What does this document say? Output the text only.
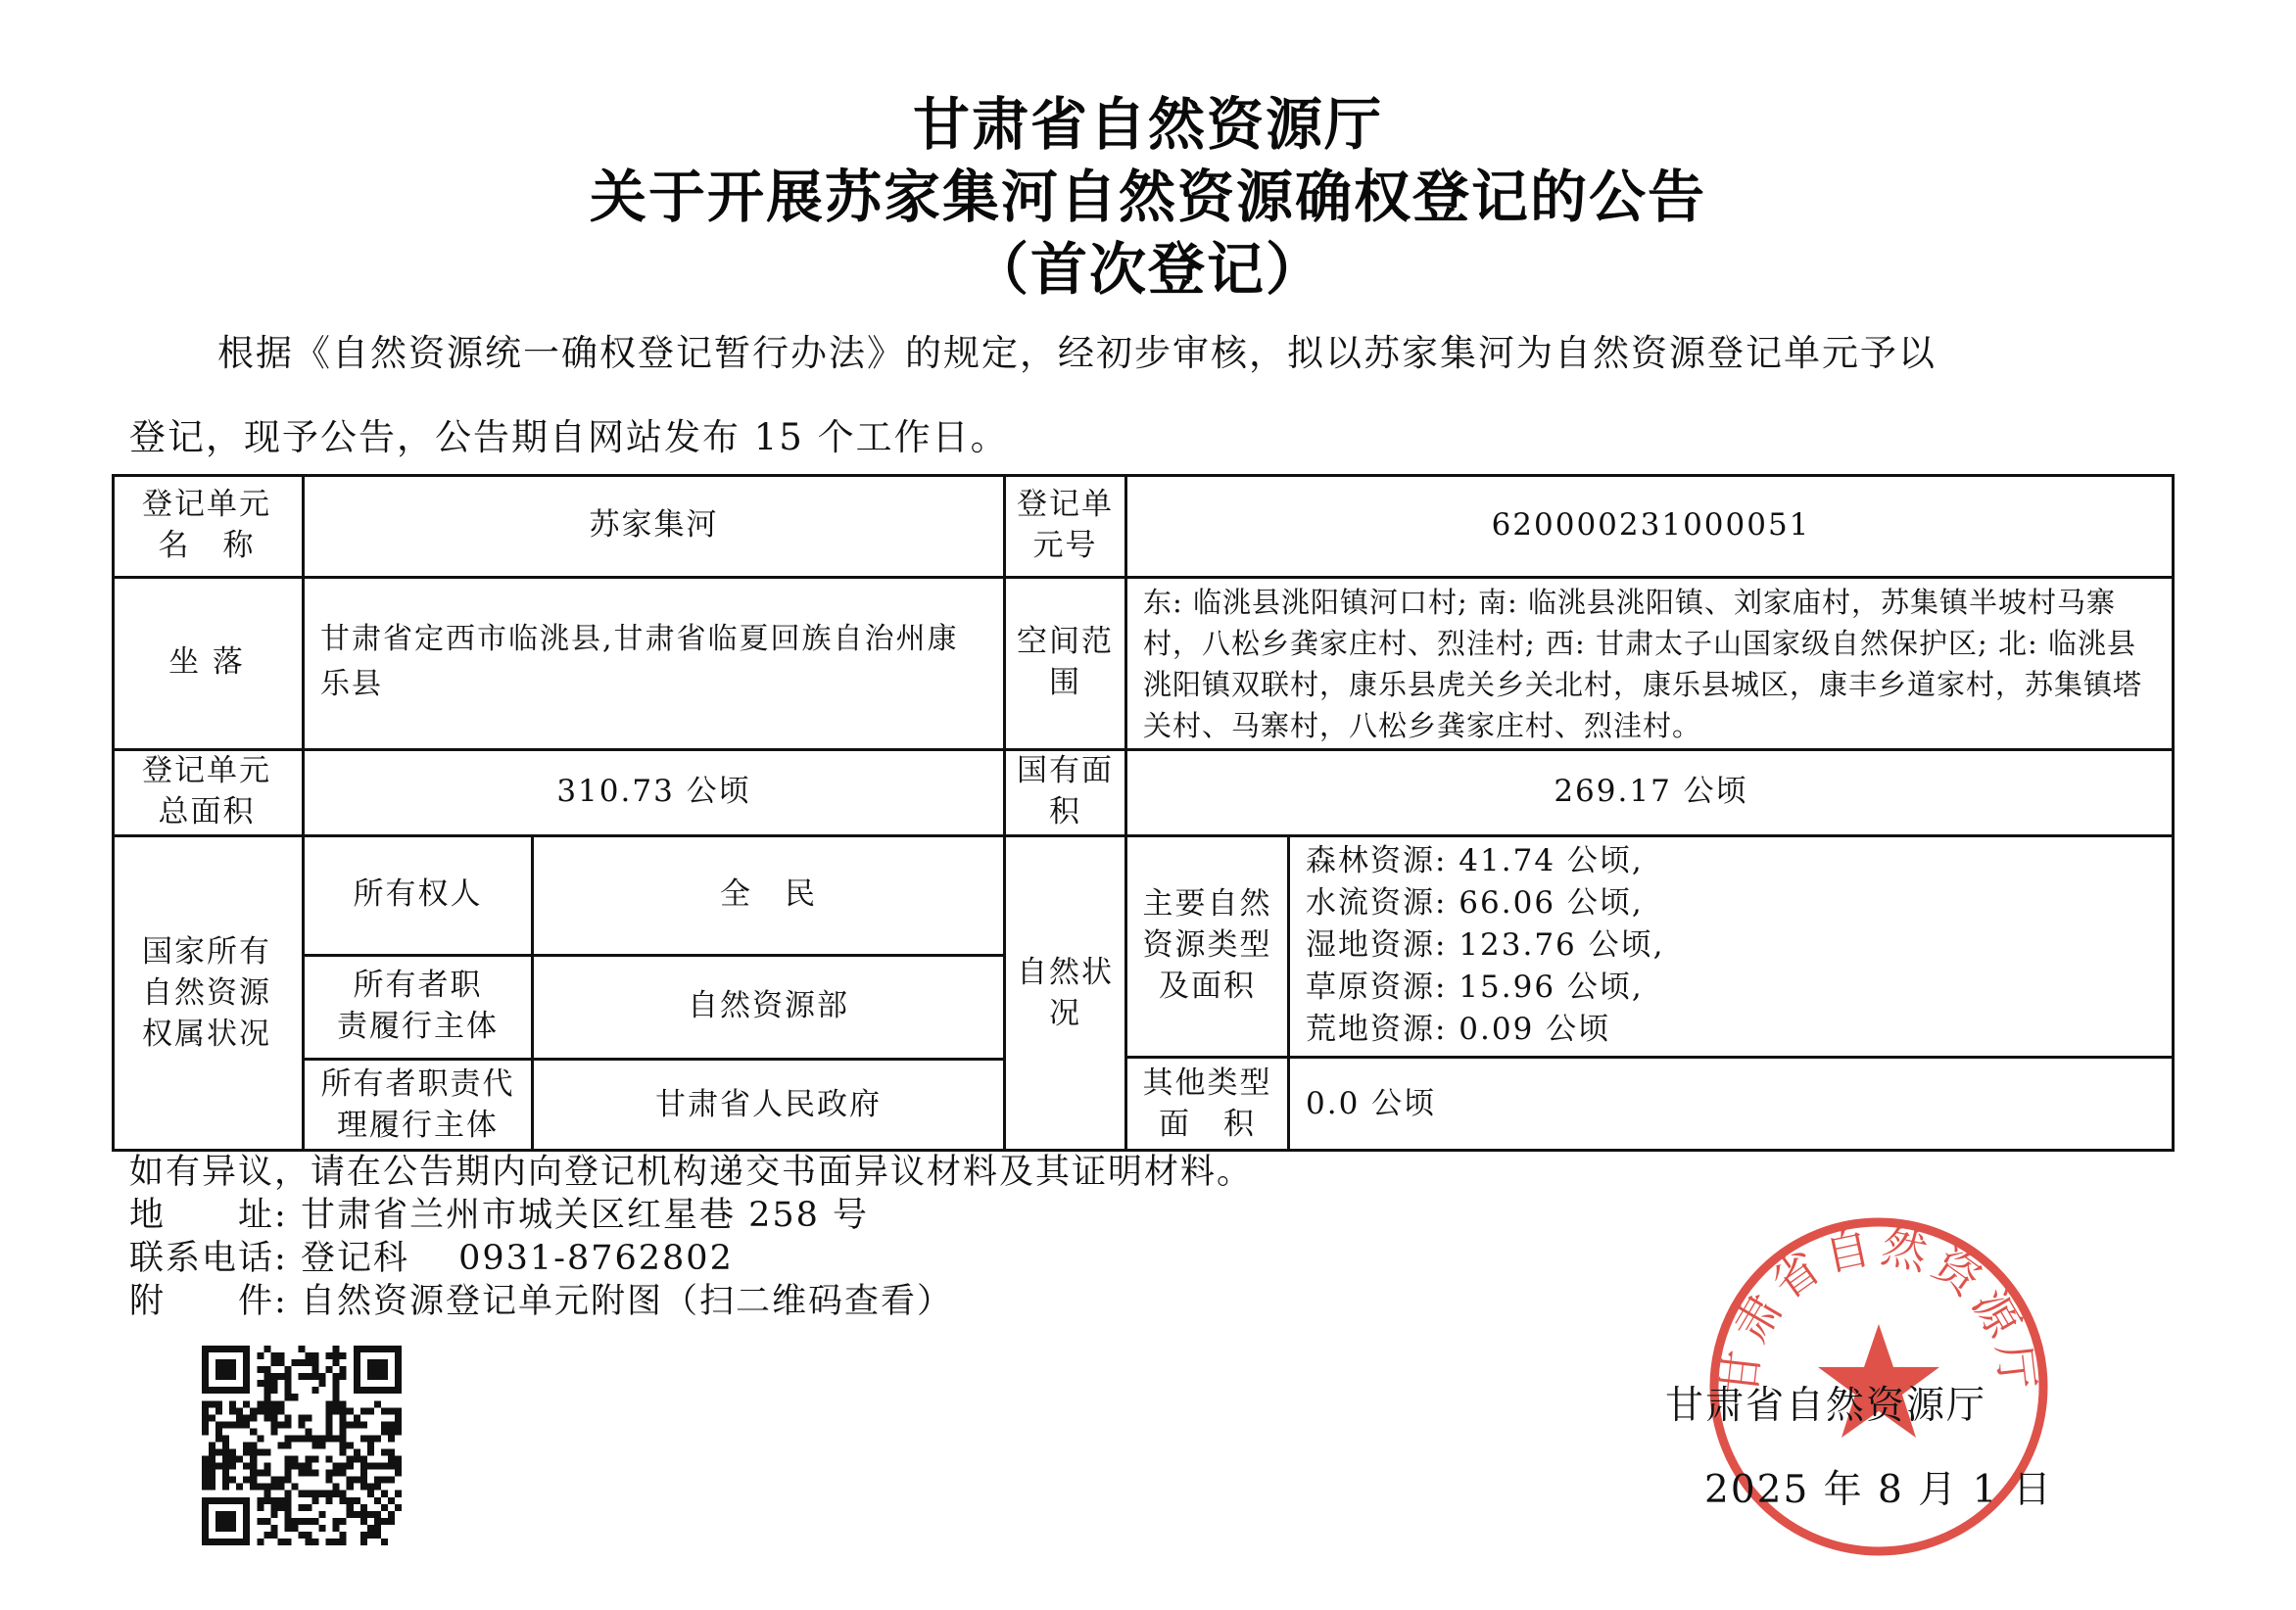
甘肃省自然资源厅
关于开展苏家集河自然资源确权登记的公告
（首次登记）
根据《自然资源统一确权登记暂行办法》的规定，经初步审核，拟以苏家集河为自然资源登记单元予以
登记，现予公告，公告期自网站发布 15 个工作日。
登记单元
名　称
苏家集河
登记单元号
620000231000051
坐 落
甘肃省定西市临洮县,甘肃省临夏回族自治州康乐县
空间范围
东: 临洮县洮阳镇河口村; 南: 临洮县洮阳镇、刘家庙村，苏集镇半坡村马寨村，八松乡龚家庄村、烈洼村; 西: 甘肃太子山国家级自然保护区; 北: 临洮县洮阳镇双联村，康乐县虎关乡关北村，康乐县城区，康丰乡道家村，苏集镇塔关村、马寨村，八松乡龚家庄村、烈洼村。
登记单元
总面积
310.73 公顷
国有面积
269.17 公顷
国家所有
自然资源
权属状况
所有权人	全　民
所有者职
责履行主体
自然资源部
所有者职责代
理履行主体
甘肃省人民政府
自然状况
主要自然
资源类型
及面积
森林资源: 41.74 公顷,
水流资源: 66.06 公顷,
湿地资源: 123.76 公顷,
草原资源: 15.96 公顷,
荒地资源: 0.09 公顷
其他类型
面　积
0.0 公顷
如有异议，请在公告期内向登记机构递交书面异议材料及其证明材料。
地　　址: 甘肃省兰州市城关区红星巷 258 号
联系电话: 登记科　 0931-8762802
附　　件: 自然资源登记单元附图（扫二维码查看）
甘肃省自然资源厅
甘肃省自然资源厅
2025 年 8 月 1 日
